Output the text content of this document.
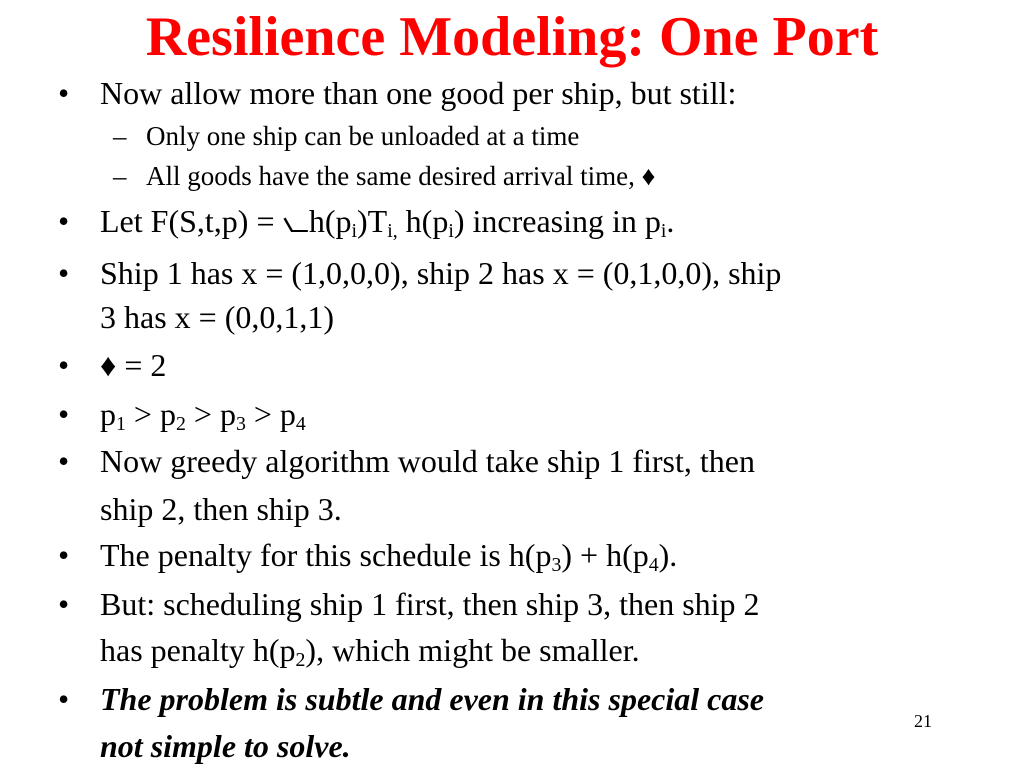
Resilience Modeling: One Port
• Now allow more than one good per ship, but still:
– Only one ship can be unloaded at a time
– All goods have the same desired arrival time, ♦
• Let $F(S,t,p) = ⦦h(p_i)T_{i,}$ $h(p_i)$ increasing in $p_i$.
• Ship 1 has x = (1,0,0,0), ship 2 has x = (0,1,0,0), ship
3 has x = (0,0,1,1)
• ♦ = 2
• $p_1 > p_2 > p_3 > p_4$
• Now greedy algorithm would take ship 1 first, then
ship 2, then ship 3.
• The penalty for this schedule is $h(p_3) + h(p_4)$.
• But: scheduling ship 1 first, then ship 3, then ship 2
has penalty $h(p_2)$, which might be smaller.
• The problem is subtle and even in this special case
not simple to solve.
21
